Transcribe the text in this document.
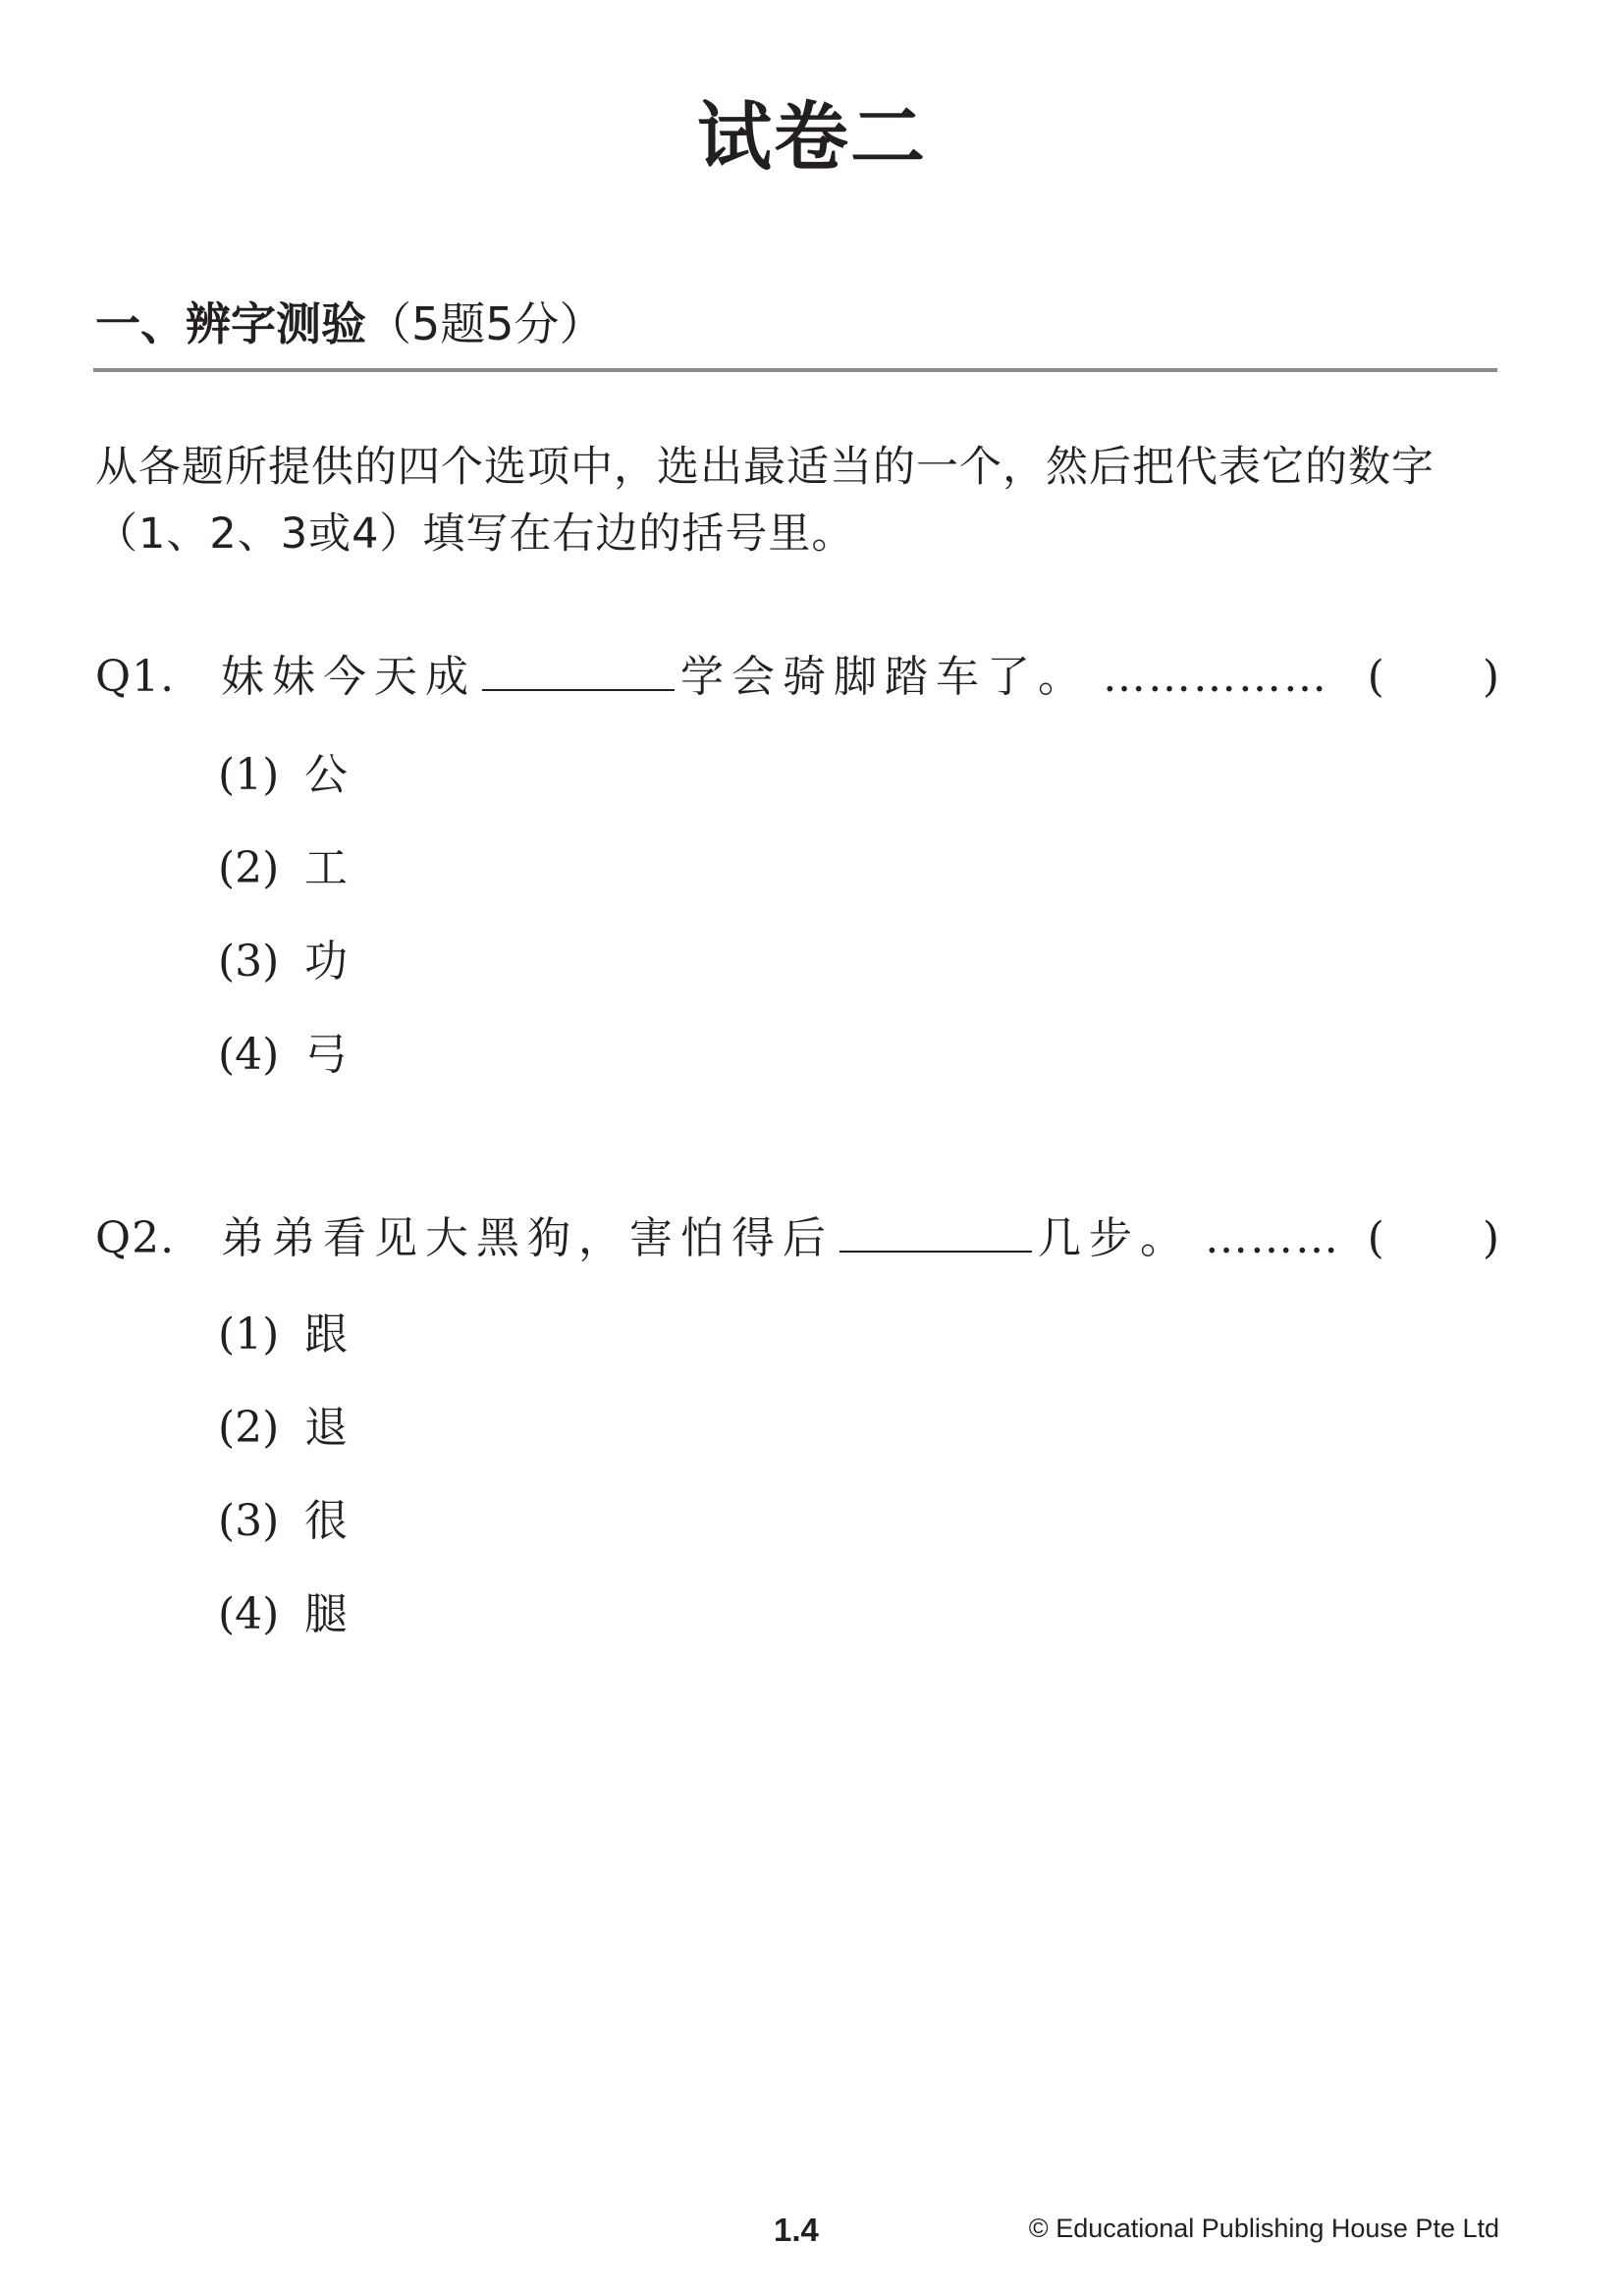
试卷二
一、辨字测验（5题5分）

从各题所提供的四个选项中，选出最适当的一个，然后把代表它的数字（1、2、3或4）填写在右边的括号里。

Q1. 妹妹今天成	学会骑脚踏车了。 …………… ( )
(1) 公
(2) 工
(3) 功
(4) 弓
Q2. 弟弟看见大黑狗，害怕得后	几步。 ……… ( )
(1) 跟
(2) 退
(3) 很
(4) 腿
1.4	© Educational Publishing House Pte Ltd
